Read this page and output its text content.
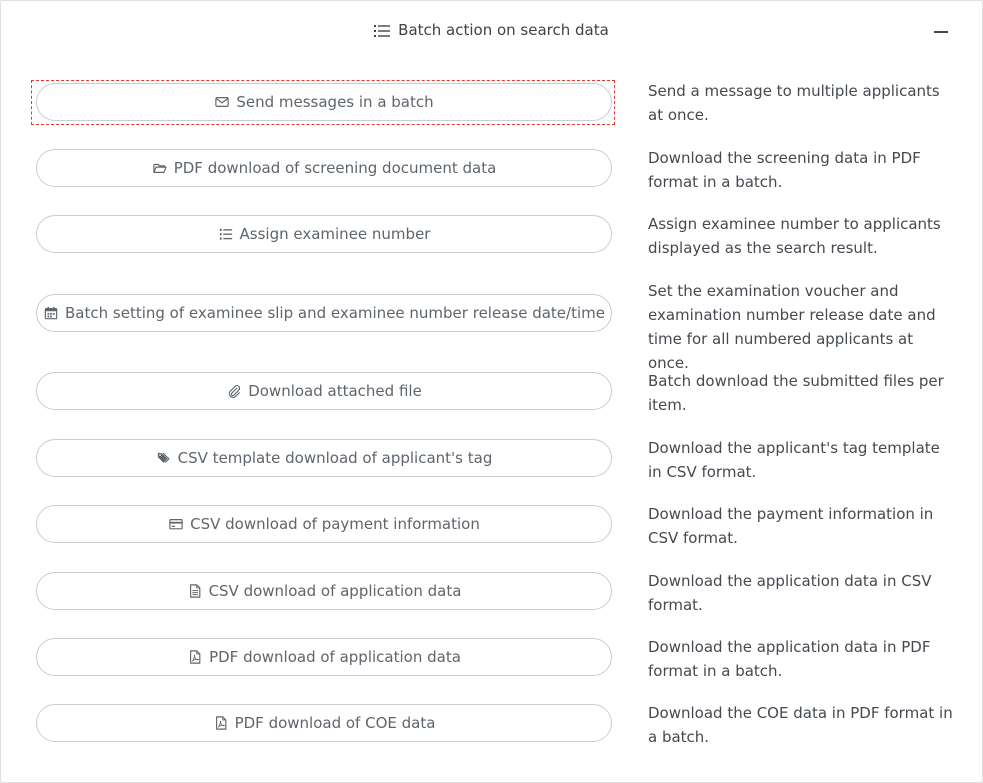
Batch action on search data
Send messages in a batch
Send a message to multiple applicants at once.
PDF download of screening document data
Download the screening data in PDF format in a batch.
Assign examinee number
Assign examinee number to applicants displayed as the search result.
Batch setting of examinee slip and examinee number release date/time
Set the examination voucher and examination number release date and time for all numbered applicants at once.
Download attached file
Batch download the submitted files per item.
CSV template download of applicant's tag
Download the applicant's tag template in CSV format.
CSV download of payment information
Download the payment information in CSV format.
CSV download of application data
Download the application data in CSV format.
PDF download of application data
Download the application data in PDF format in a batch.
PDF download of COE data
Download the COE data in PDF format in a batch.
